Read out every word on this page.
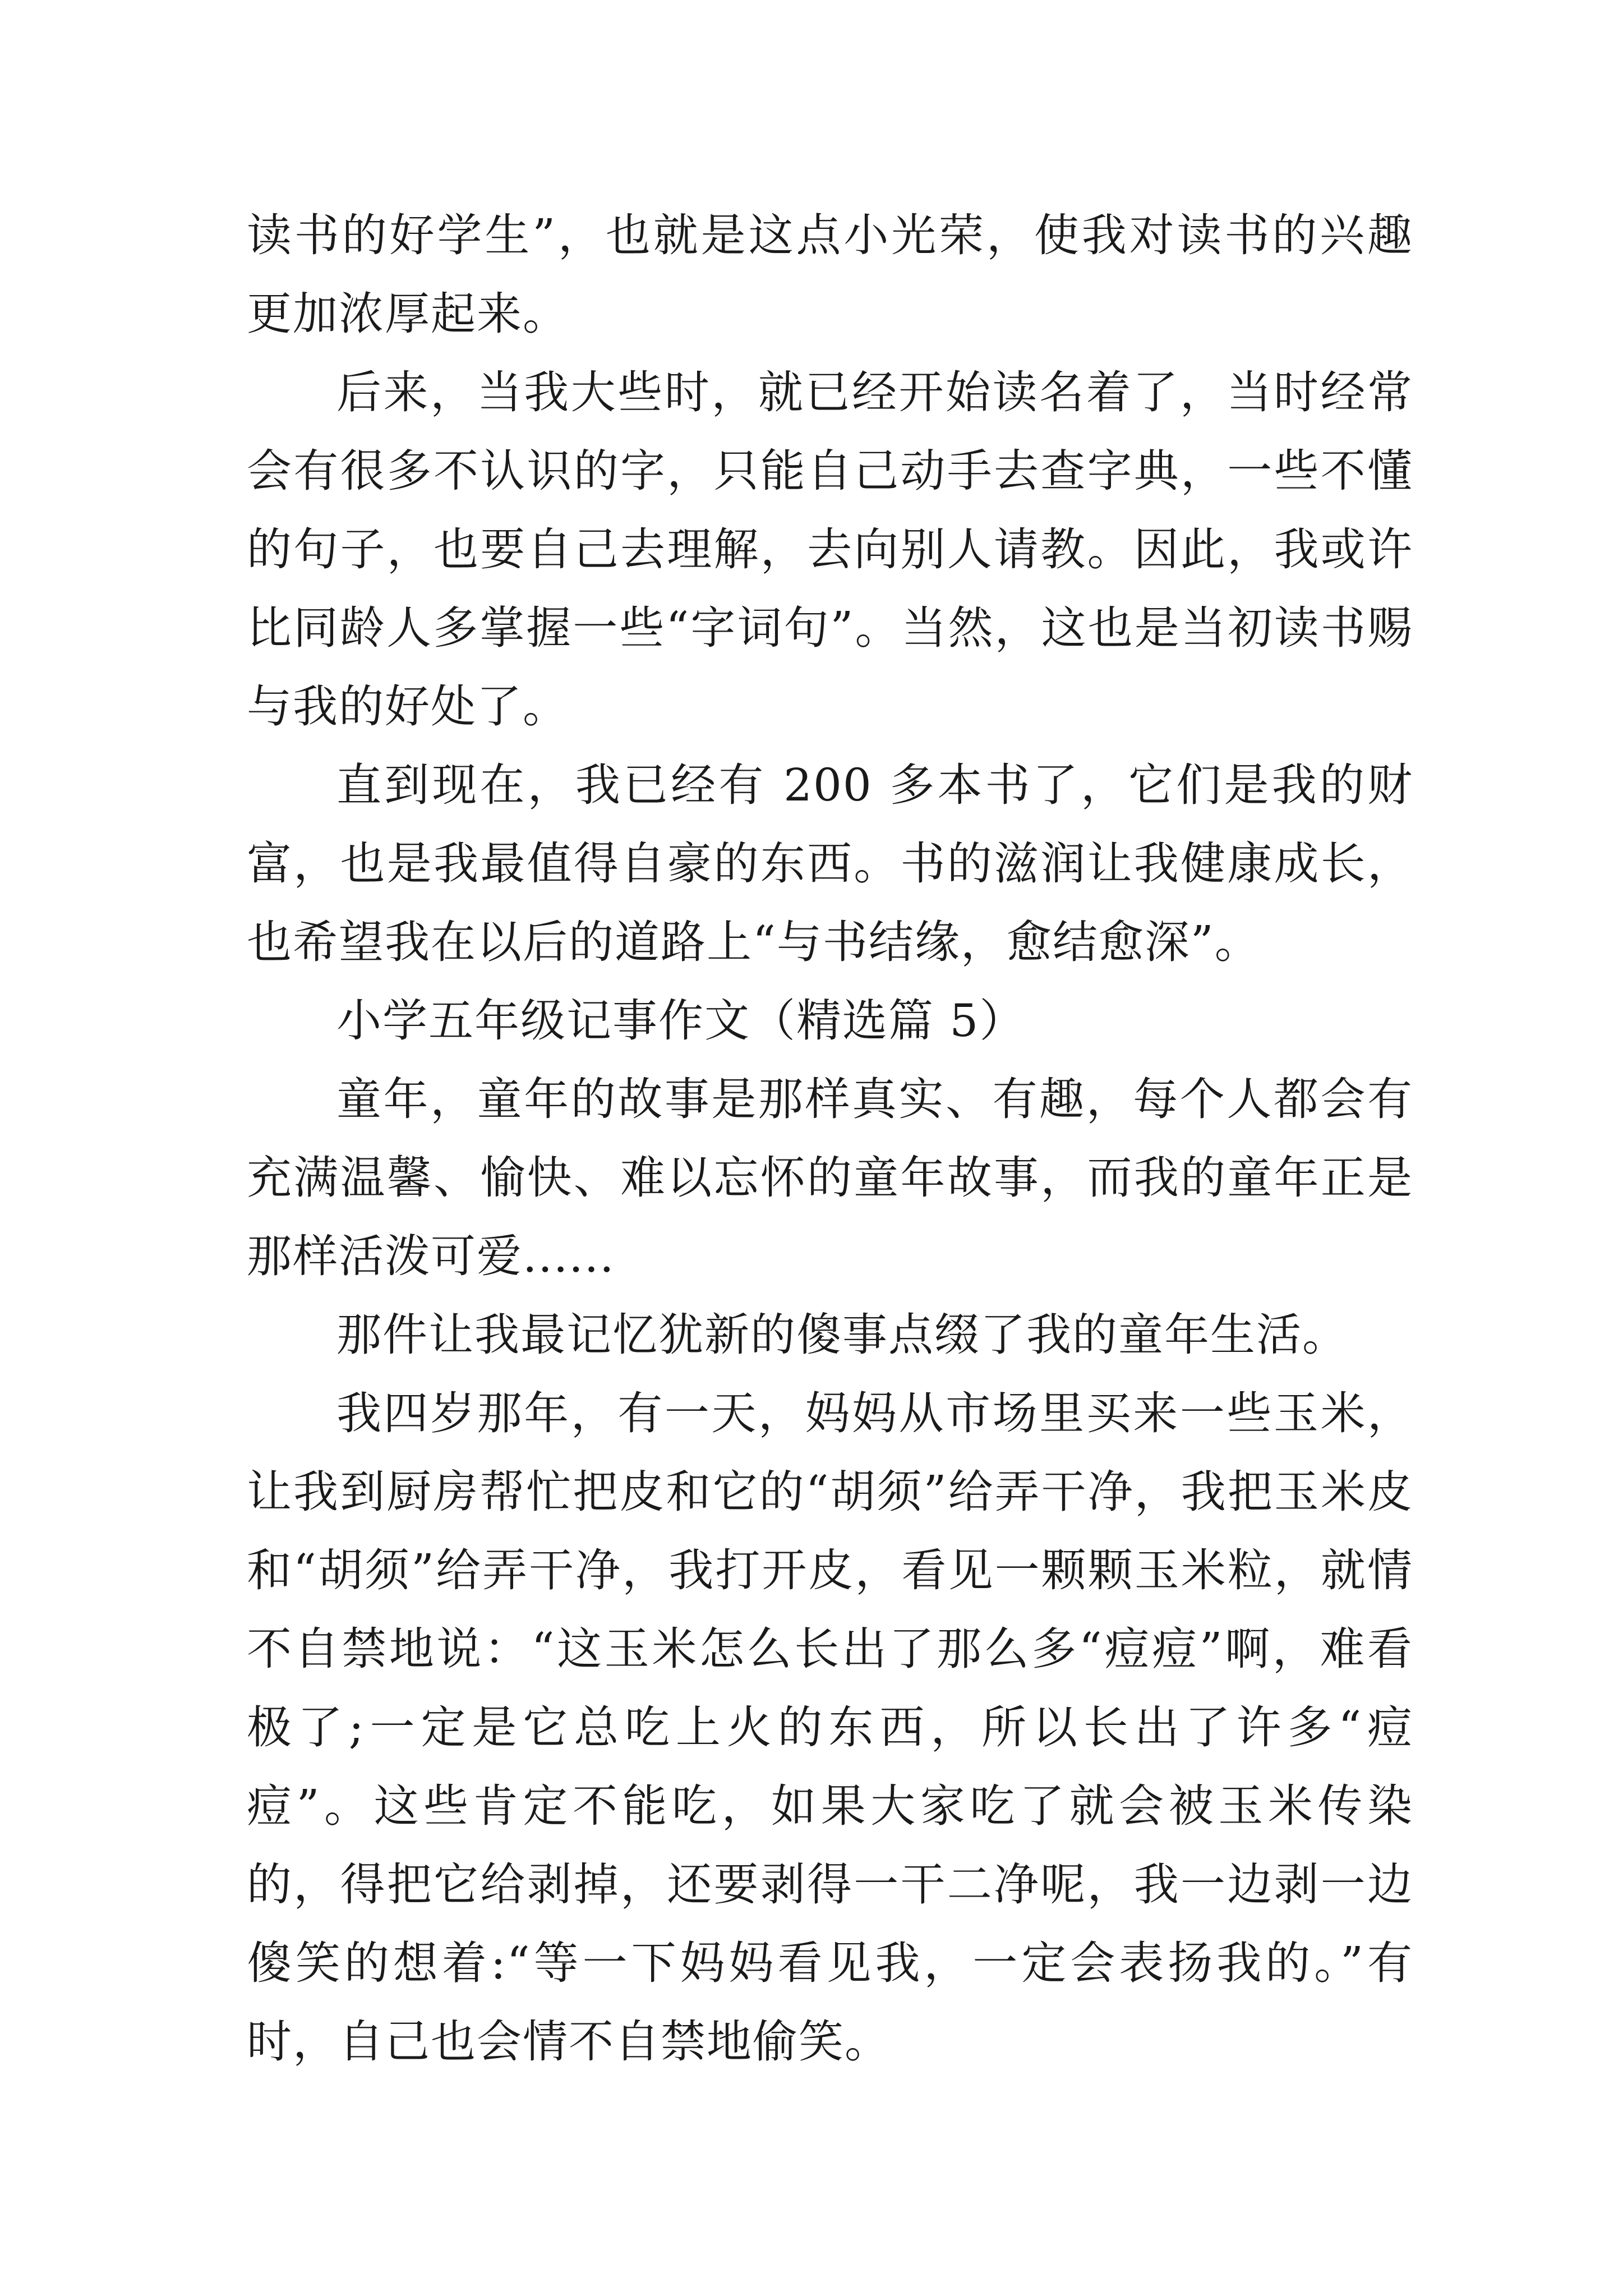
读书的好学生”，也就是这点小光荣，使我对读书的兴趣更加浓厚起来。

后来，当我大些时，就已经开始读名着了，当时经常会有很多不认识的字，只能自己动手去查字典，一些不懂的句子，也要自己去理解，去向别人请教。因此，我或许比同龄人多掌握一些“字词句”。当然，这也是当初读书赐与我的好处了。

直到现在，我已经有 200 多本书了，它们是我的财富，也是我最值得自豪的东西。书的滋润让我健康成长，也希望我在以后的道路上“与书结缘，愈结愈深”。

小学五年级记事作文（精选篇 5）

童年，童年的故事是那样真实、有趣，每个人都会有充满温馨、愉快、难以忘怀的童年故事，而我的童年正是那样活泼可爱......

那件让我最记忆犹新的傻事点缀了我的童年生活。

我四岁那年，有一天，妈妈从市场里买来一些玉米，让我到厨房帮忙把皮和它的“胡须”给弄干净，我把玉米皮和“胡须”给弄干净，我打开皮，看见一颗颗玉米粒，就情不自禁地说：“这玉米怎么长出了那么多“痘痘”啊，难看极了;一定是它总吃上火的东西，所以长出了许多“痘痘”。这些肯定不能吃，如果大家吃了就会被玉米传染的，得把它给剥掉，还要剥得一干二净呢，我一边剥一边傻笑的想着:“等一下妈妈看见我，一定会表扬我的。”有时，自己也会情不自禁地偷笑。
